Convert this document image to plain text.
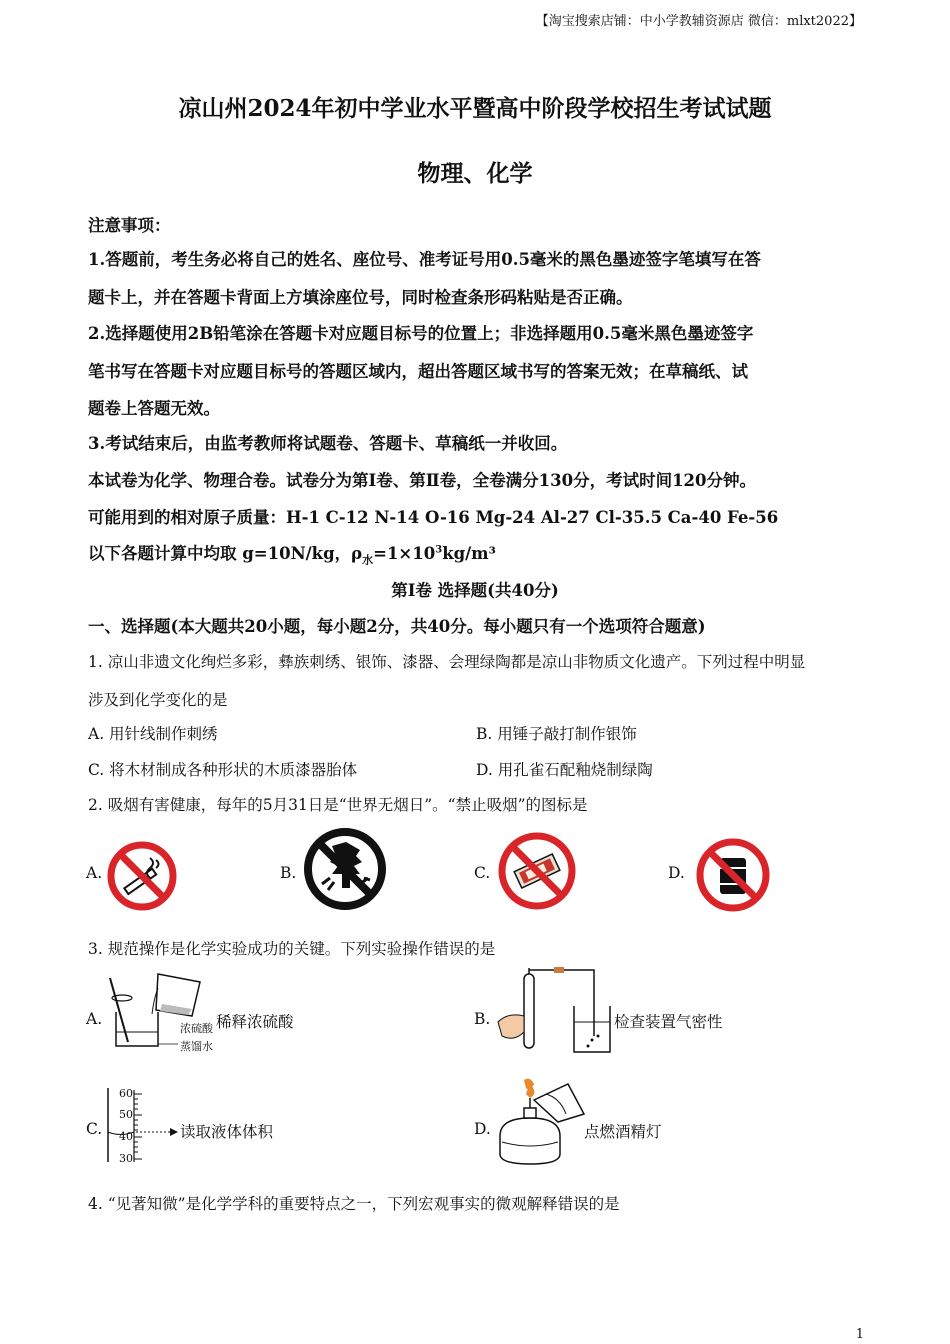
【淘宝搜索店铺：中小学教辅资源店 微信：mlxt2022】
凉山州2024年初中学业水平暨高中阶段学校招生考试试题
物理、化学
注意事项：
1.答题前，考生务必将自己的姓名、座位号、准考证号用0.5毫米的黑色墨迹签字笔填写在答
题卡上，并在答题卡背面上方填涂座位号，同时检查条形码粘贴是否正确。
2.选择题使用2B铅笔涂在答题卡对应题目标号的位置上；非选择题用0.5毫米黑色墨迹签字
笔书写在答题卡对应题目标号的答题区域内，超出答题区域书写的答案无效；在草稿纸、试
题卷上答题无效。
3.考试结束后，由监考教师将试题卷、答题卡、草稿纸一并收回。
本试卷为化学、物理合卷。试卷分为第I卷、第Ⅱ卷，全卷满分130分，考试时间120分钟。
可能用到的相对原子质量：H-1 C-12 N-14 O-16 Mg-24 Al-27 Cl-35.5 Ca-40 Fe-56
以下各题计算中均取 g=10N/kg，$\rho_水=1\times 10^3kg/m^3$
第I卷 选择题(共40分)
一、选择题(本大题共20小题，每小题2分，共40分。每小题只有一个选项符合题意)
1. 凉山非遗文化绚烂多彩，彝族刺绣、银饰、漆器、会理绿陶都是凉山非物质文化遗产。下列过程中明显
涉及到化学变化的是
A. 用针线制作刺绣	B. 用锤子敲打制作银饰
C. 将木材制成各种形状的木质漆器胎体	D. 用孔雀石配釉烧制绿陶
2. 吸烟有害健康，每年的5月31日是“世界无烟日”。“禁止吸烟”的图标是
A.	B.	C.	D.
3. 规范操作是化学实验成功的关键。下列实验操作错误的是
A.	稀释浓硫酸
浓硫酸
蒸馏水
B.	检查装置气密性
C.
60
50
40
30
读取液体体积	D.	点燃酒精灯
4. “见著知微”是化学学科的重要特点之一，下列宏观事实的微观解释错误的是
1
